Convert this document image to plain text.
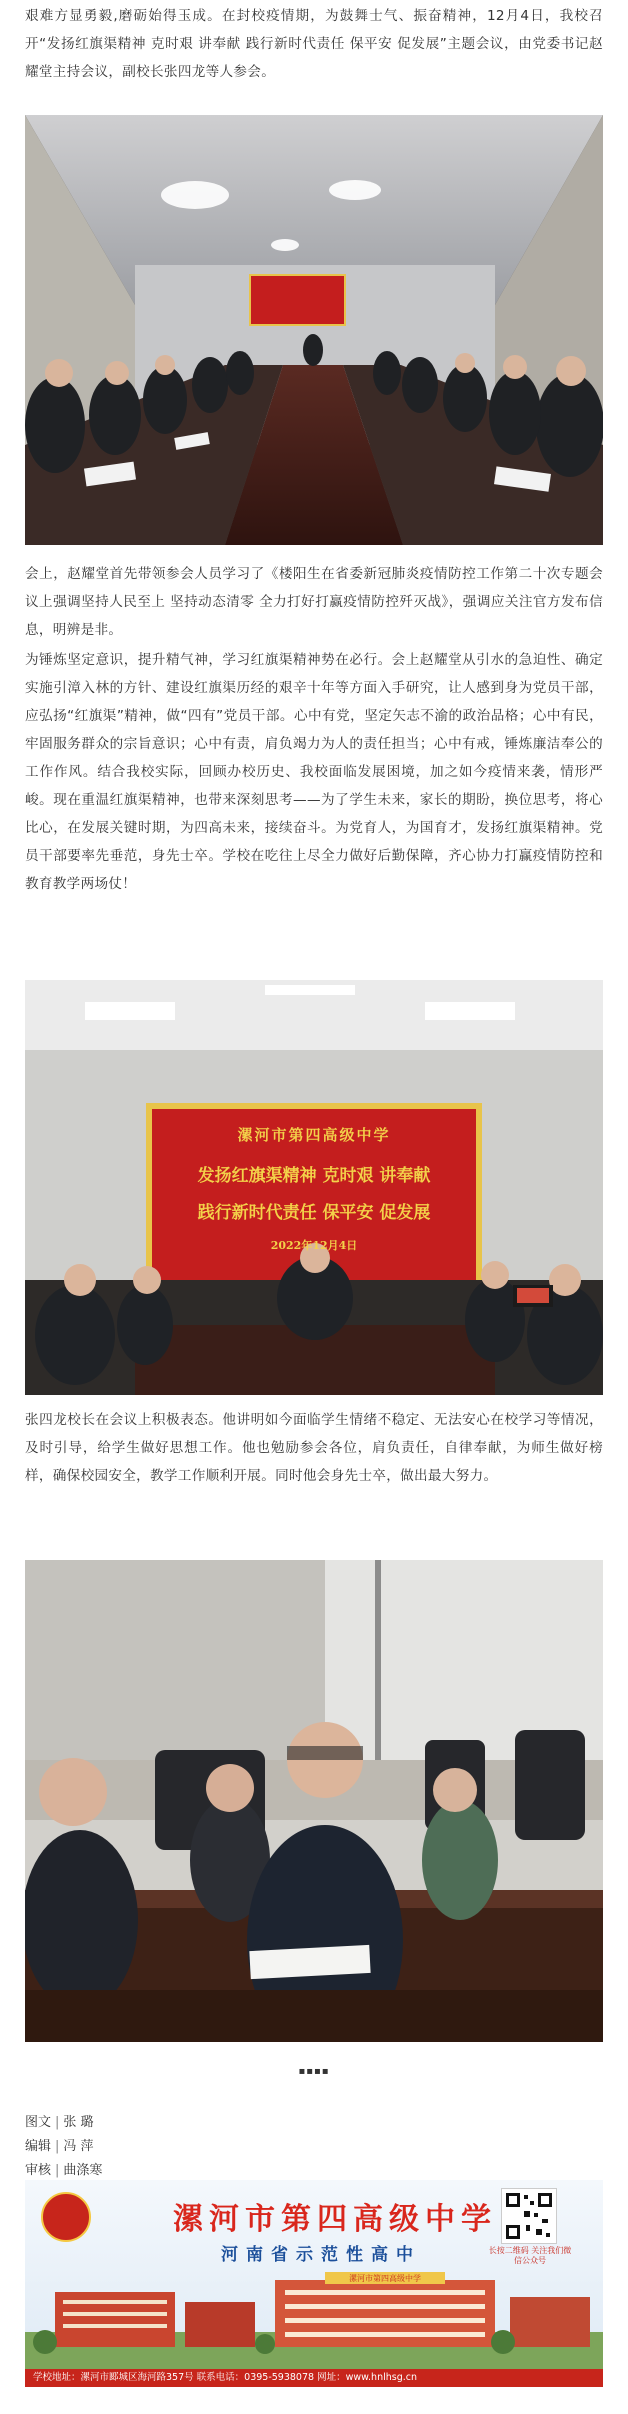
艰难方显勇毅,磨砺始得玉成。在封校疫情期，为鼓舞士气、振奋精神，12月4日，我校召开“发扬红旗渠精神 克时艰 讲奉献 践行新时代责任 保平安 促发展”主题会议，由党委书记赵耀堂主持会议，副校长张四龙等人参会。

会上，赵耀堂首先带领参会人员学习了《楼阳生在省委新冠肺炎疫情防控工作第二十次专题会议上强调坚持人民至上 坚持动态清零 全力打好打赢疫情防控歼灭战》，强调应关注官方发布信息，明辨是非。

为锤炼坚定意识，提升精气神，学习红旗渠精神势在必行。会上赵耀堂从引水的急迫性、确定实施引漳入林的方针、建设红旗渠历经的艰辛十年等方面入手研究，让人感到身为党员干部，应弘扬“红旗渠”精神，做“四有”党员干部。心中有党，坚定矢志不渝的政治品格；心中有民，牢固服务群众的宗旨意识；心中有责，肩负竭力为人的责任担当；心中有戒，锤炼廉洁奉公的工作作风。结合我校实际，回顾办校历史、我校面临发展困境，加之如今疫情来袭，情形严峻。现在重温红旗渠精神，也带来深刻思考——为了学生未来，家长的期盼，换位思考，将心比心，在发展关键时期，为四高未来，接续奋斗。为党育人，为国育才，发扬红旗渠精神。党员干部要率先垂范，身先士卒。学校在吃往上尽全力做好后勤保障，齐心协力打赢疫情防控和教育教学两场仗！

漯河市第四高级中学
发扬红旗渠精神 克时艰 讲奉献
践行新时代责任 保平安 促发展
2022年12月4日

张四龙校长在会议上积极表态。他讲明如今面临学生情绪不稳定、无法安心在校学习等情况，及时引导，给学生做好思想工作。他也勉励参会各位，肩负责任，自律奉献，为师生做好榜样，确保校园安全，教学工作顺利开展。同时他会身先士卒，做出最大努力。

▪▪▪▪
图文 | 张 璐
编辑 | 冯 萍
审核 | 曲涤寒
漯河市第四高级中学
河南省示范性高中	长按二维码 关注我们微信公众号
漯河市第四高级中学
学校地址：漯河市郾城区海河路357号 联系电话：0395-5938078 网址：www.hnlhsg.cn
